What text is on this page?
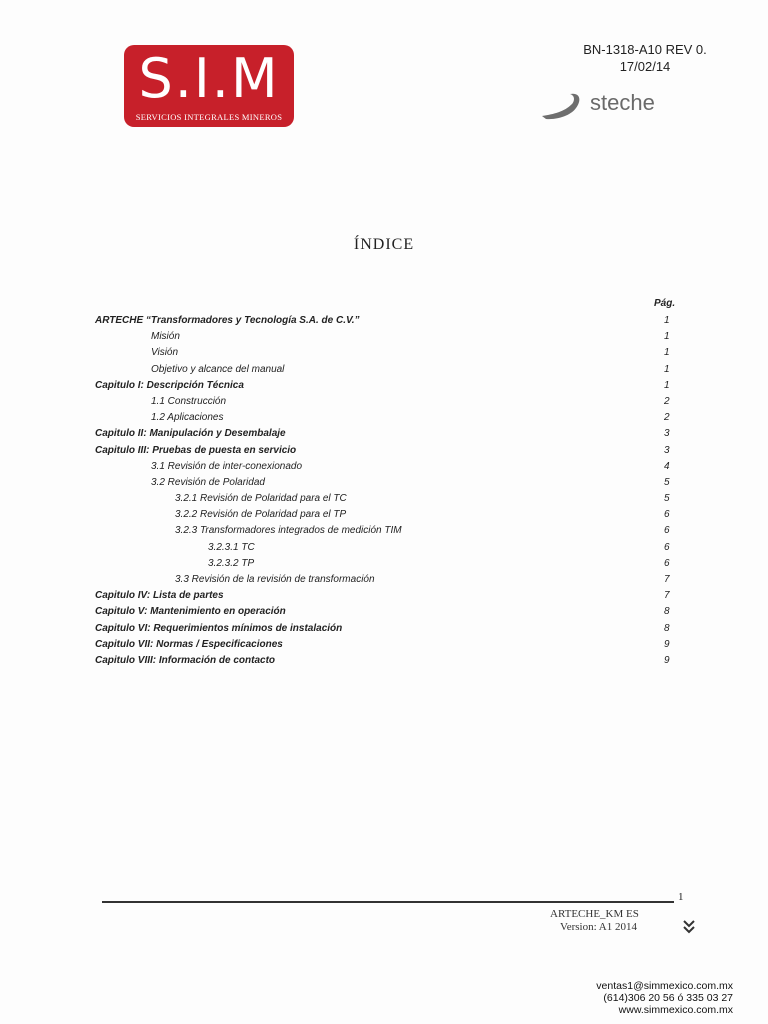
S.I.M
SERVICIOS INTEGRALES MINEROS
BN-1318-A10 REV 0.
17/02/14
steche
ÍNDICE
Pág.
ARTECHE “Transformadores y Tecnología S.A. de C.V.”	1
Misión	1
Visión	1
Objetivo y alcance del manual	1
Capitulo I: Descripción Técnica	1
1.1 Construcción	2
1.2 Aplicaciones	2
Capitulo II: Manipulación y Desembalaje	3
Capitulo III: Pruebas de puesta en servicio	3
3.1 Revisión de inter-conexionado	4
3.2 Revisión de Polaridad	5
3.2.1 Revisión de Polaridad para el TC	5
3.2.2 Revisión de Polaridad para el TP	6
3.2.3 Transformadores integrados de medición TIM	6
3.2.3.1 TC	6
3.2.3.2 TP	6
3.3 Revisión de la revisión de transformación	7
Capitulo IV: Lista de partes	7
Capitulo V: Mantenimiento en operación	8
Capitulo VI: Requerimientos mínimos de instalación	8
Capitulo VII: Normas / Especificaciones	9
Capitulo VIII: Información de contacto	9
1
ARTECHE_KM ES
Version: A1 2014
ventas1@simmexico.com.mx
(614)306 20 56 ó 335 03 27
www.simmexico.com.mx
